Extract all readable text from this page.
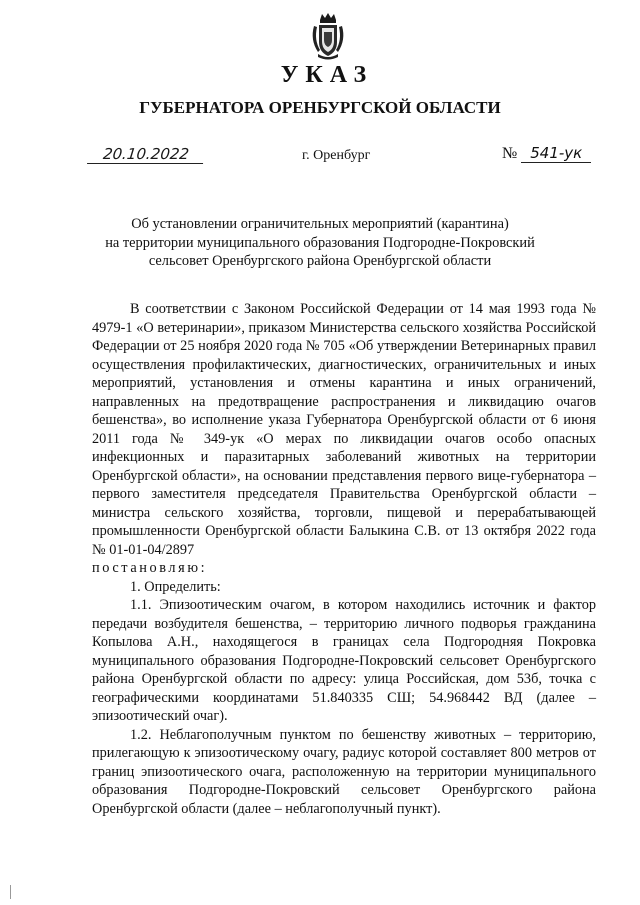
УКАЗ
ГУБЕРНАТОРА ОРЕНБУРГСКОЙ ОБЛАСТИ
20.10.2022	г. Оренбург	№ 541-ук
Об установлении ограничительных мероприятий (карантина)
на территории муниципального образования Подгородне-Покровский
сельсовет Оренбургского района Оренбургской области

В соответствии с Законом Российской Федерации от 14 мая 1993 года № 4979-1 «О ветеринарии», приказом Министерства сельского хозяйства Российской Федерации от 25 ноября 2020 года № 705 «Об утверждении Ветеринарных правил осуществления профилактических, диагностических, ограничительных и иных мероприятий, установления и отмены карантина и иных ограничений, направленных на предотвращение распространения и ликвидацию очагов бешенства», во исполнение указа Губернатора Оренбургской области от 6 июня 2011 года № 349-ук «О мерах по ликвидации очагов особо опасных инфекционных и паразитарных заболеваний животных на территории Оренбургской области», на основании представления первого вице-губернатора – первого заместителя председателя Правительства Оренбургской области – министра сельского хозяйства, торговли, пищевой и перерабатывающей промышленности Оренбургской области Балыкина С.В. от 13 октября 2022 года № 01-01-04/2897

постановляю:

1. Определить:

1.1. Эпизоотическим очагом, в котором находились источник и фактор передачи возбудителя бешенства, – территорию личного подворья гражданина Копылова А.Н., находящегося в границах села Подгородняя Покровка муниципального образования Подгородне-Покровский сельсовет Оренбургского района Оренбургской области по адресу: улица Российская, дом 53б, точка с географическими координатами 51.840335 СШ; 54.968442 ВД (далее – эпизоотический очаг).

1.2. Неблагополучным пунктом по бешенству животных – территорию, прилегающую к эпизоотическому очагу, радиус которой составляет 800 метров от границ эпизоотического очага, расположенную на территории муниципального образования Подгородне-Покровский сельсовет Оренбургского района Оренбургской области (далее – неблагополучный пункт).
